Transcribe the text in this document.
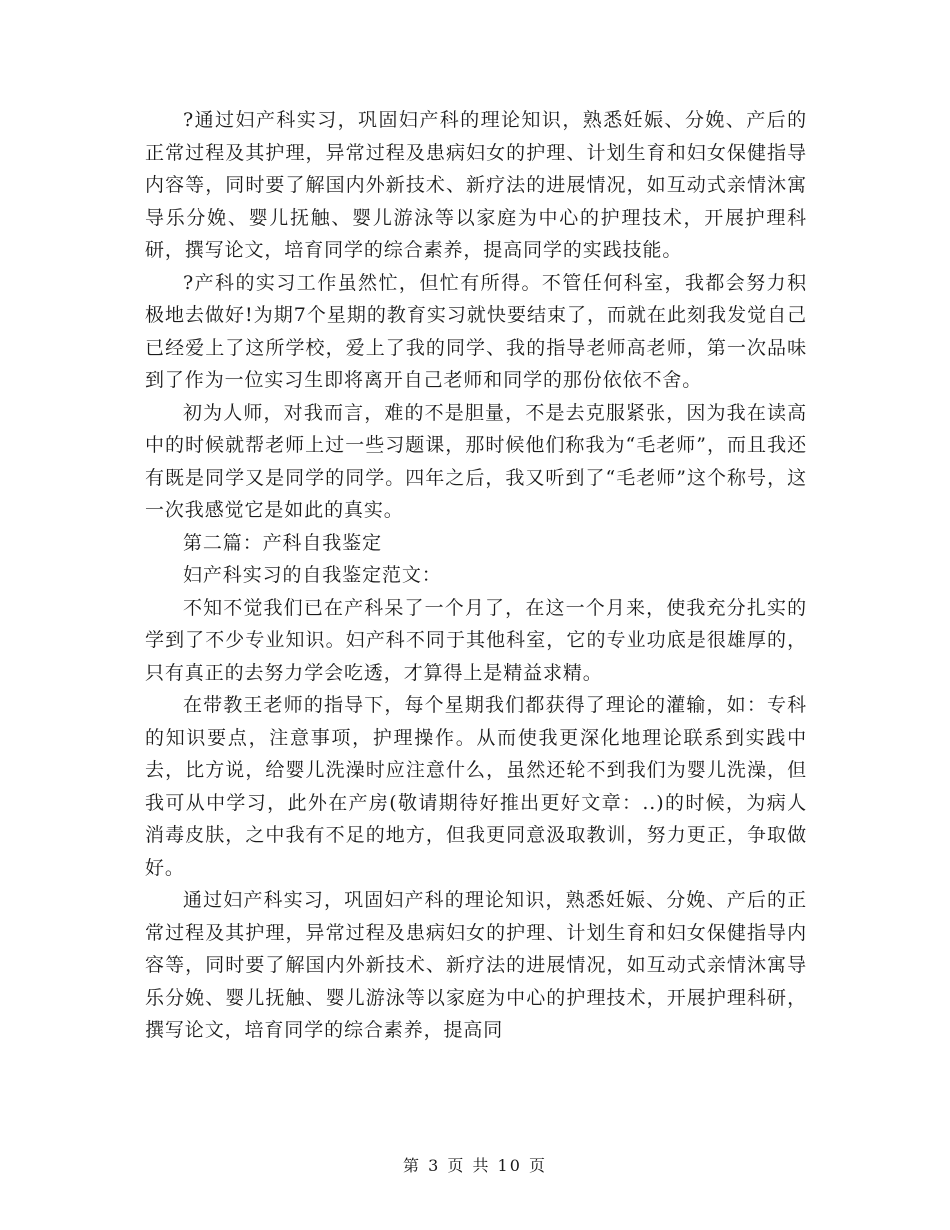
?通过妇产科实习，巩固妇产科的理论知识，熟悉妊娠、分娩、产后的正常过程及其护理，异常过程及患病妇女的护理、计划生育和妇女保健指导内容等，同时要了解国内外新技术、新疗法的进展情况，如互动式亲情沐寓导乐分娩、婴儿抚触、婴儿游泳等以家庭为中心的护理技术，开展护理科研，撰写论文，培育同学的综合素养，提高同学的实践技能。

?产科的实习工作虽然忙，但忙有所得。不管任何科室，我都会努力积极地去做好!为期7个星期的教育实习就快要结束了，而就在此刻我发觉自己已经爱上了这所学校，爱上了我的同学、我的指导老师高老师，第一次品味到了作为一位实习生即将离开自己老师和同学的那份依依不舍。

初为人师，对我而言，难的不是胆量，不是去克服紧张，因为我在读高中的时候就帮老师上过一些习题课，那时候他们称我为“毛老师”，而且我还有既是同学又是同学的同学。四年之后，我又听到了“毛老师”这个称号，这一次我感觉它是如此的真实。

第二篇：产科自我鉴定

妇产科实习的自我鉴定范文：

不知不觉我们已在产科呆了一个月了，在这一个月来，使我充分扎实的学到了不少专业知识。妇产科不同于其他科室，它的专业功底是很雄厚的，只有真正的去努力学会吃透，才算得上是精益求精。

在带教王老师的指导下，每个星期我们都获得了理论的灌输，如：专科的知识要点，注意事项，护理操作。从而使我更深化地理论联系到实践中去，比方说，给婴儿洗澡时应注意什么，虽然还轮不到我们为婴儿洗澡，但我可从中学习，此外在产房(敬请期待好推出更好文章：..)的时候，为病人消毒皮肤，之中我有不足的地方，但我更同意汲取教训，努力更正，争取做好。

通过妇产科实习，巩固妇产科的理论知识，熟悉妊娠、分娩、产后的正常过程及其护理，异常过程及患病妇女的护理、计划生育和妇女保健指导内容等，同时要了解国内外新技术、新疗法的进展情况，如互动式亲情沐寓导乐分娩、婴儿抚触、婴儿游泳等以家庭为中心的护理技术，开展护理科研，撰写论文，培育同学的综合素养，提高同

第 3 页 共 10 页
